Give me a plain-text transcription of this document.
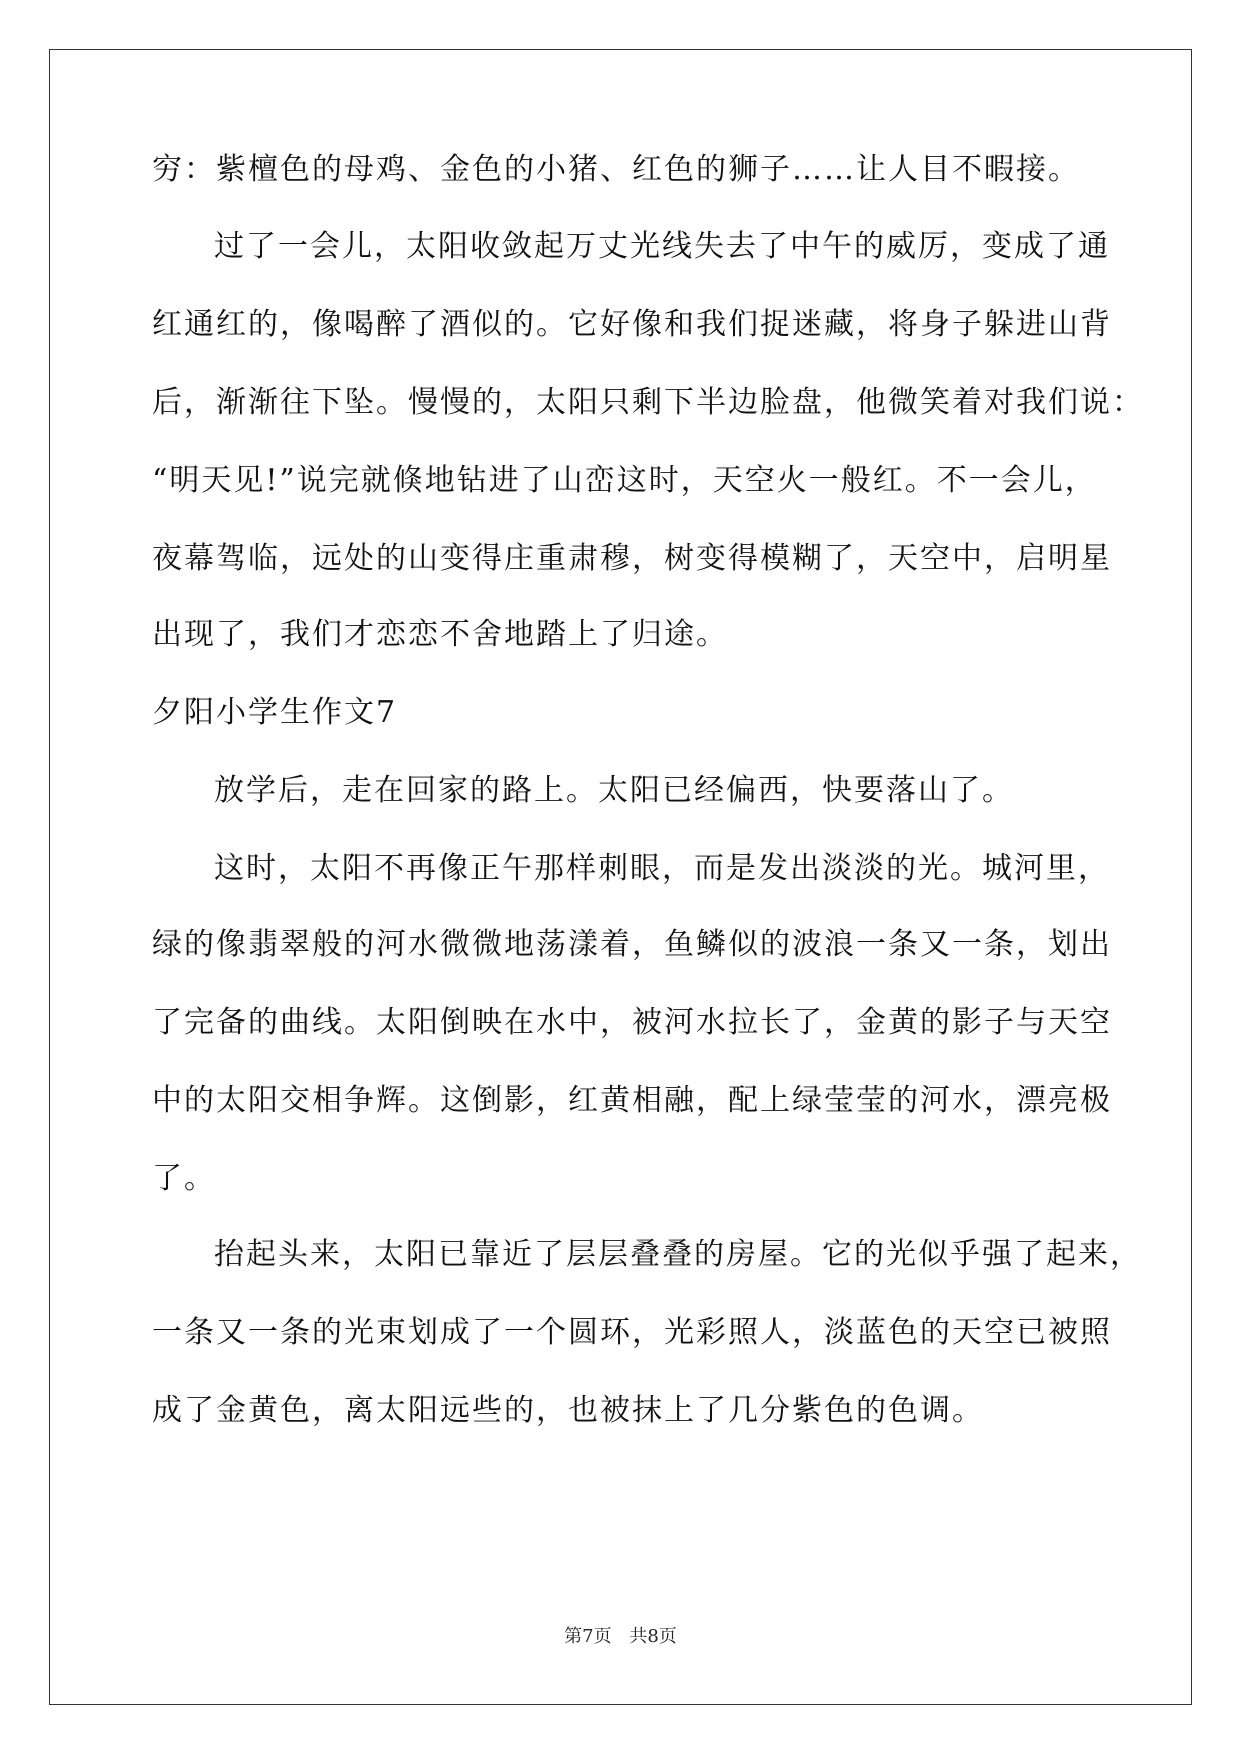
穷：紫檀色的母鸡、金色的小猪、红色的狮子……让人目不暇接。
过了一会儿，太阳收敛起万丈光线失去了中午的威厉，变成了通
红通红的，像喝醉了酒似的。它好像和我们捉迷藏，将身子躲进山背
后，渐渐往下坠。慢慢的，太阳只剩下半边脸盘，他微笑着对我们说：
“明天见!”说完就倏地钻进了山峦这时，天空火一般红。不一会儿，
夜幕驾临，远处的山变得庄重肃穆，树变得模糊了，天空中，启明星
出现了，我们才恋恋不舍地踏上了归途。
夕阳小学生作文7
放学后，走在回家的路上。太阳已经偏西，快要落山了。
这时，太阳不再像正午那样刺眼，而是发出淡淡的光。城河里，
绿的像翡翠般的河水微微地荡漾着，鱼鳞似的波浪一条又一条，划出
了完备的曲线。太阳倒映在水中，被河水拉长了，金黄的影子与天空
中的太阳交相争辉。这倒影，红黄相融，配上绿莹莹的河水，漂亮极
了。
抬起头来，太阳已靠近了层层叠叠的房屋。它的光似乎强了起来，
一条又一条的光束划成了一个圆环，光彩照人，淡蓝色的天空已被照
成了金黄色，离太阳远些的，也被抹上了几分紫色的色调。
第7页 共8页
